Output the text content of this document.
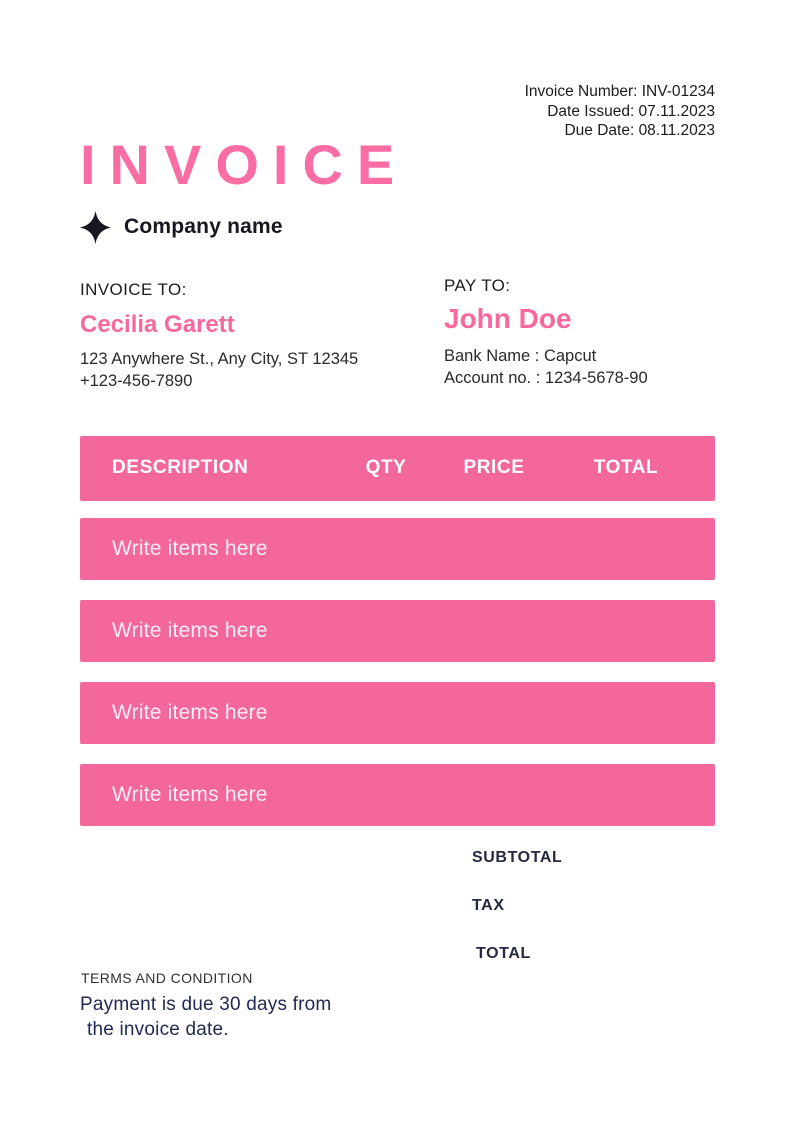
Invoice Number: INV-01234
Date Issued: 07.11.2023
Due Date: 08.11.2023
INVOICE
Company name
INVOICE TO:
Cecilia Garett
123 Anywhere St., Any City, ST 12345
+123-456-7890
PAY TO:
John Doe
Bank Name : Capcut
Account no. : 1234-5678-90
DESCRIPTION	QTY	PRICE	TOTAL
Write items here
Write items here
Write items here
Write items here
SUBTOTAL
TAX
TOTAL
TERMS AND CONDITION
Payment is due 30 days from
the invoice date.
